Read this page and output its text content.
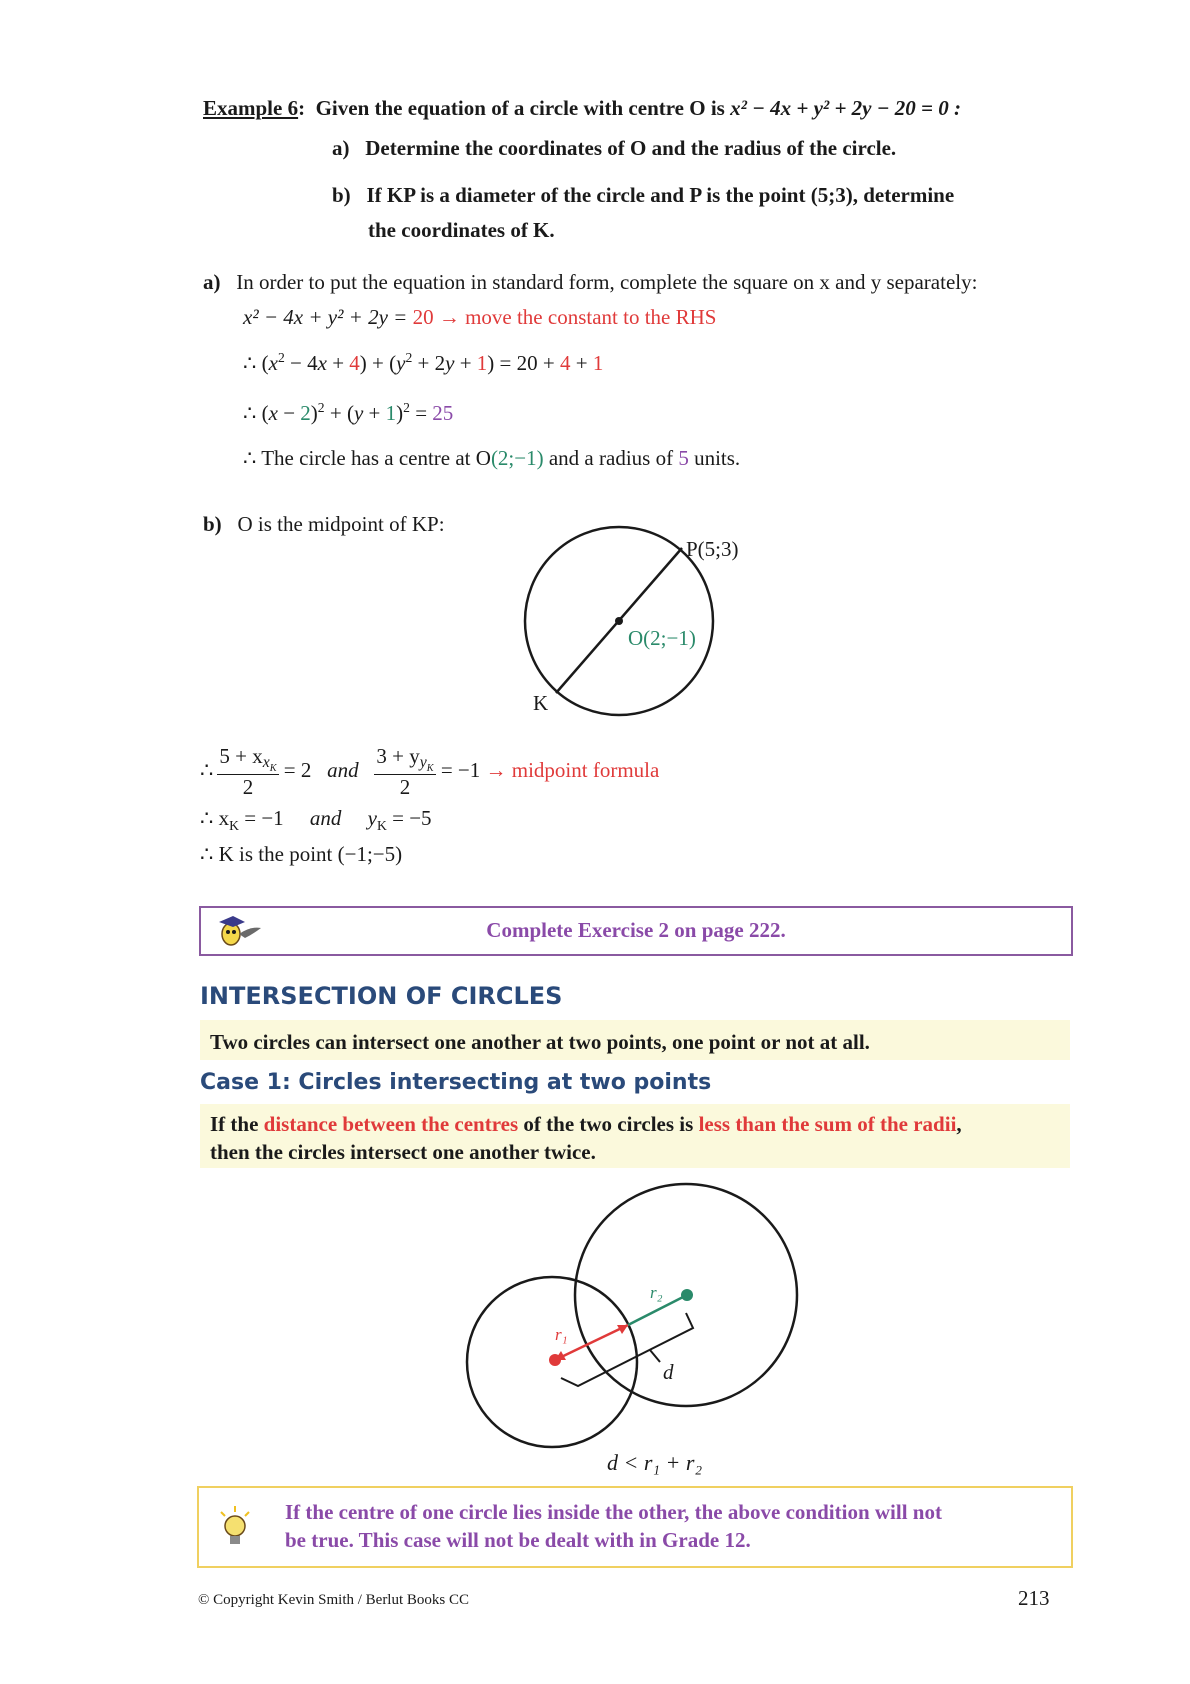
Example 6: Given the equation of a circle with centre O is x² − 4x + y² + 2y − 20 = 0 :
a) Determine the coordinates of O and the radius of the circle.
b) If KP is a diameter of the circle and P is the point (5;3), determine
the coordinates of K.
a) In order to put the equation in standard form, complete the square on x and y separately:
x² − 4x + y² + 2y = 20 → move the constant to the RHS
∴ $(x^2 - 4x + 4) + (y^2 + 2y + 1) = 20 + 4 + 1$
∴ $(x - 2)^2 + (y + 1)^2 = 25$
∴ The circle has a centre at O(2;−1) and a radius of 5 units.
b) O is the midpoint of KP:
P(5;3)
O(2;−1)
K
∴ $\frac{5 + xx_K}{2} = 2$ and $\frac{3 + yy_K}{2} = -1$ → midpoint formula
∴ $x_K = -1$ and $y_K = -5$
∴ K is the point (−1;−5)
Complete Exercise 2 on page 222.
INTERSECTION OF CIRCLES
Two circles can intersect one another at two points, one point or not at all.
Case 1: Circles intersecting at two points
If the distance between the centres of the two circles is less than the sum of the radii,
then the circles intersect one another twice.
r₁
r₂
d
d < r₁ + r₂
If the centre of one circle lies inside the other, the above condition will not
be true. This case will not be dealt with in Grade 12.
© Copyright Kevin Smith / Berlut Books CC	213
